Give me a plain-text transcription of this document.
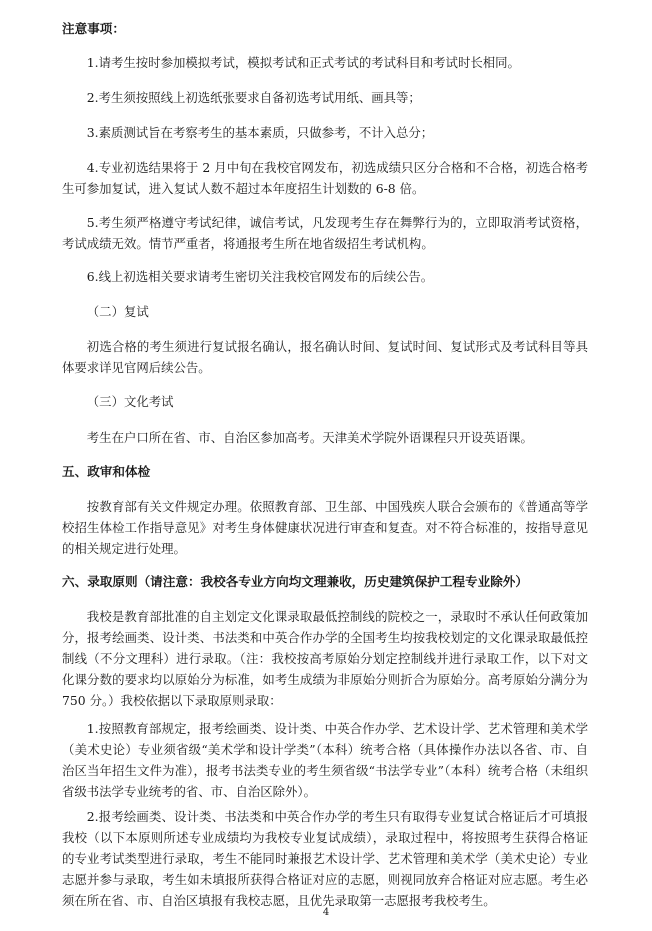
注意事项：
1.请考生按时参加模拟考试，模拟考试和正式考试的考试科目和考试时长相同。
2.考生须按照线上初选纸张要求自备初选考试用纸、画具等；
3.素质测试旨在考察考生的基本素质，只做参考，不计入总分；
4.专业初选结果将于 2 月中旬在我校官网发布，初选成绩只区分合格和不合格，初选合格考生可参加复试，进入复试人数不超过本年度招生计划数的 6-8 倍。
5.考生须严格遵守考试纪律，诚信考试，凡发现考生存在舞弊行为的，立即取消考试资格，考试成绩无效。情节严重者，将通报考生所在地省级招生考试机构。
6.线上初选相关要求请考生密切关注我校官网发布的后续公告。
（二）复试
初选合格的考生须进行复试报名确认，报名确认时间、复试时间、复试形式及考试科目等具体要求详见官网后续公告。
（三）文化考试
考生在户口所在省、市、自治区参加高考。天津美术学院外语课程只开设英语课。
五、政审和体检
按教育部有关文件规定办理。依照教育部、卫生部、中国残疾人联合会颁布的《普通高等学校招生体检工作指导意见》对考生身体健康状况进行审查和复查。对不符合标准的，按指导意见的相关规定进行处理。
六、录取原则（请注意：我校各专业方向均文理兼收，历史建筑保护工程专业除外）
我校是教育部批准的自主划定文化课录取最低控制线的院校之一，录取时不承认任何政策加分，报考绘画类、设计类、书法类和中英合作办学的全国考生均按我校划定的文化课录取最低控制线（不分文理科）进行录取。（注：我校按高考原始分划定控制线并进行录取工作，以下对文化课分数的要求均以原始分为标准，如考生成绩为非原始分则折合为原始分。高考原始分满分为 750 分。）我校依据以下录取原则录取：
1.按照教育部规定，报考绘画类、设计类、中英合作办学、艺术设计学、艺术管理和美术学（美术史论）专业须省级“美术学和设计学类”（本科）统考合格（具体操作办法以各省、市、自治区当年招生文件为准），报考书法类专业的考生须省级“书法学专业”（本科）统考合格（未组织省级书法学专业统考的省、市、自治区除外）。
2.报考绘画类、设计类、书法类和中英合作办学的考生只有取得专业复试合格证后才可填报我校（以下本原则所述专业成绩均为我校专业复试成绩），录取过程中，将按照考生获得合格证的专业考试类型进行录取，考生不能同时兼报艺术设计学、艺术管理和美术学（美术史论）专业志愿并参与录取，考生如未填报所获得合格证对应的志愿，则视同放弃合格证对应志愿。考生必须在所在省、市、自治区填报有我校志愿，且优先录取第一志愿报考我校考生。
4
